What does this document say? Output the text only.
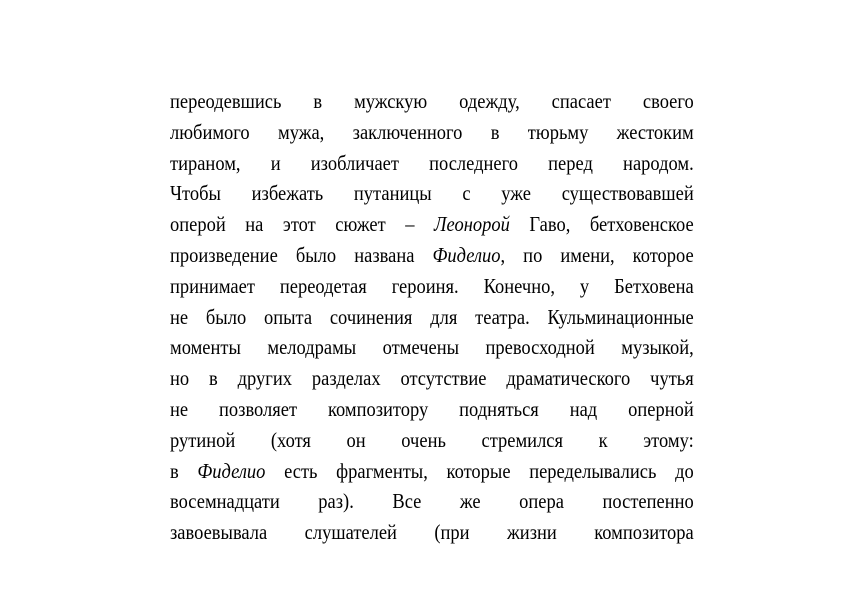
переодевшись в мужскую одежду, спасает своего
любимого мужа, заключенного в тюрьму жестоким
тираном, и изобличает последнего перед народом.
Чтобы избежать путаницы с уже существовавшей
оперой на этот сюжет – Леонорой Гаво, бетховенское
произведение было названа Фиделио, по имени, которое
принимает переодетая героиня. Конечно, у Бетховена
не было опыта сочинения для театра. Кульминационные
моменты мелодрамы отмечены превосходной музыкой,
но в других разделах отсутствие драматического чутья
не позволяет композитору подняться над оперной
рутиной (хотя он очень стремился к этому:
в Фиделио есть фрагменты, которые переделывались до
восемнадцати раз). Все же опера постепенно
завоевывала слушателей (при жизни композитора
